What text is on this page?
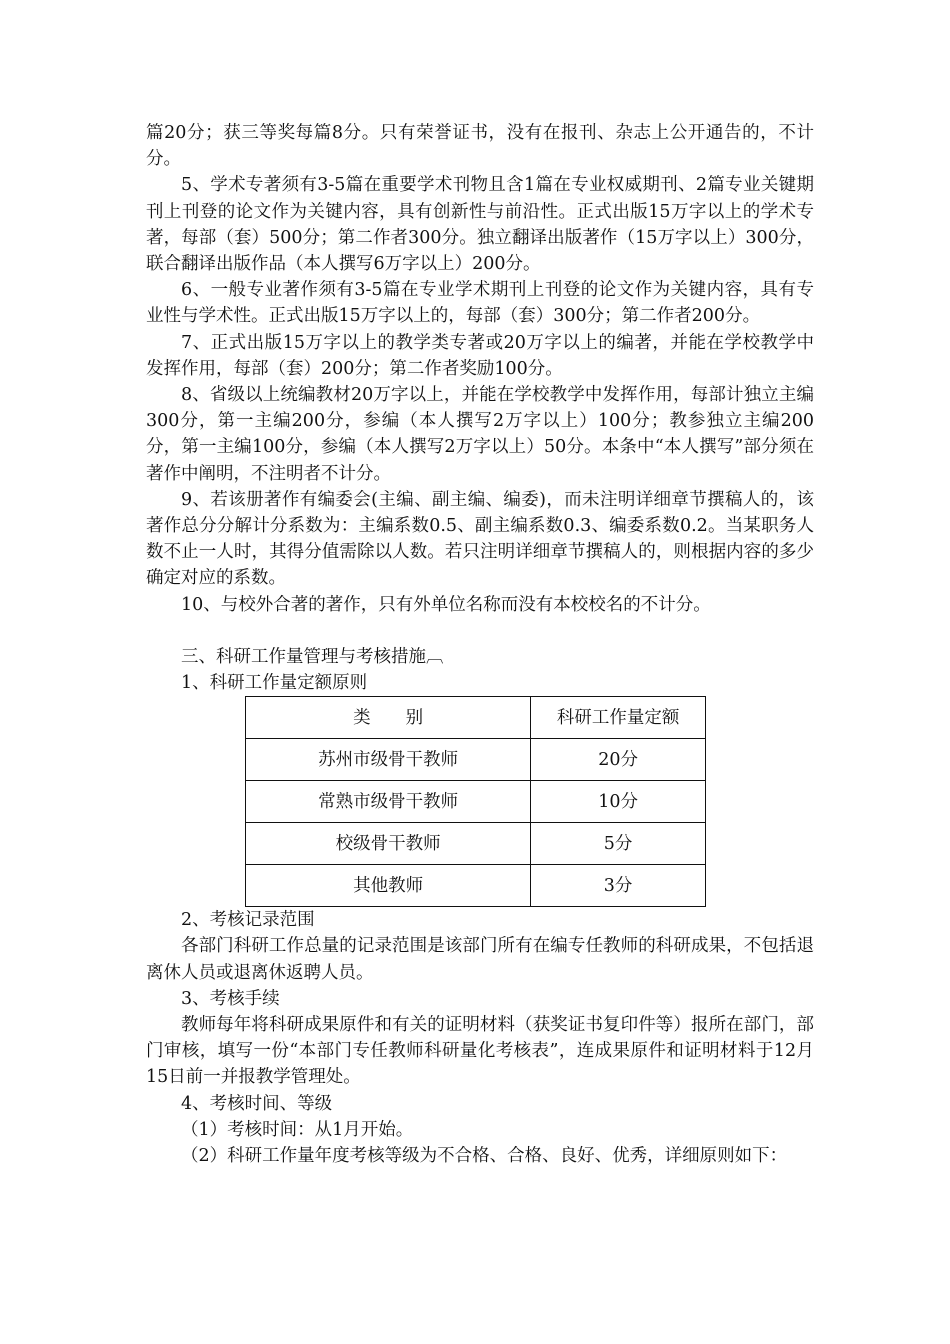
篇20分；获三等奖每篇8分。只有荣誉证书，没有在报刊、杂志上公开通告的，不计分。

5、学术专著须有3-5篇在重要学术刊物且含1篇在专业权威期刊、2篇专业关键期刊上刊登的论文作为关键内容，具有创新性与前沿性。正式出版15万字以上的学术专著，每部（套）500分；第二作者300分。独立翻译出版著作（15万字以上）300分，联合翻译出版作品（本人撰写6万字以上）200分。

6、一般专业著作须有3-5篇在专业学术期刊上刊登的论文作为关键内容，具有专业性与学术性。正式出版15万字以上的，每部（套）300分；第二作者200分。

7、正式出版15万字以上的教学类专著或20万字以上的编著，并能在学校教学中发挥作用，每部（套）200分；第二作者奖励100分。

8、省级以上统编教材20万字以上，并能在学校教学中发挥作用，每部计独立主编300分，第一主编200分，参编（本人撰写2万字以上）100分；教参独立主编200分，第一主编100分，参编（本人撰写2万字以上）50分。本条中“本人撰写”部分须在著作中阐明，不注明者不计分。

9、若该册著作有编委会(主编、副主编、编委)，而未注明详细章节撰稿人的，该著作总分分解计分系数为：主编系数0.5、副主编系数0.3、编委系数0.2。当某职务人数不止一人时，其得分值需除以人数。若只注明详细章节撰稿人的，则根据内容的多少确定对应的系数。

10、与校外合著的著作，只有外单位名称而没有本校校名的不计分。

三、科研工作量管理与考核措施︹

1、科研工作量定额原则

类　　别	科研工作量定额
苏州市级骨干教师	20分
常熟市级骨干教师	10分
校级骨干教师	5分
其他教师	3分

2、考核记录范围

各部门科研工作总量的记录范围是该部门所有在编专任教师的科研成果，不包括退离休人员或退离休返聘人员。

3、考核手续

教师每年将科研成果原件和有关的证明材料（获奖证书复印件等）报所在部门，部门审核，填写一份“本部门专任教师科研量化考核表”，连成果原件和证明材料于12月15日前一并报教学管理处。

4、考核时间、等级

（1）考核时间：从1月开始。

（2）科研工作量年度考核等级为不合格、合格、良好、优秀，详细原则如下：
